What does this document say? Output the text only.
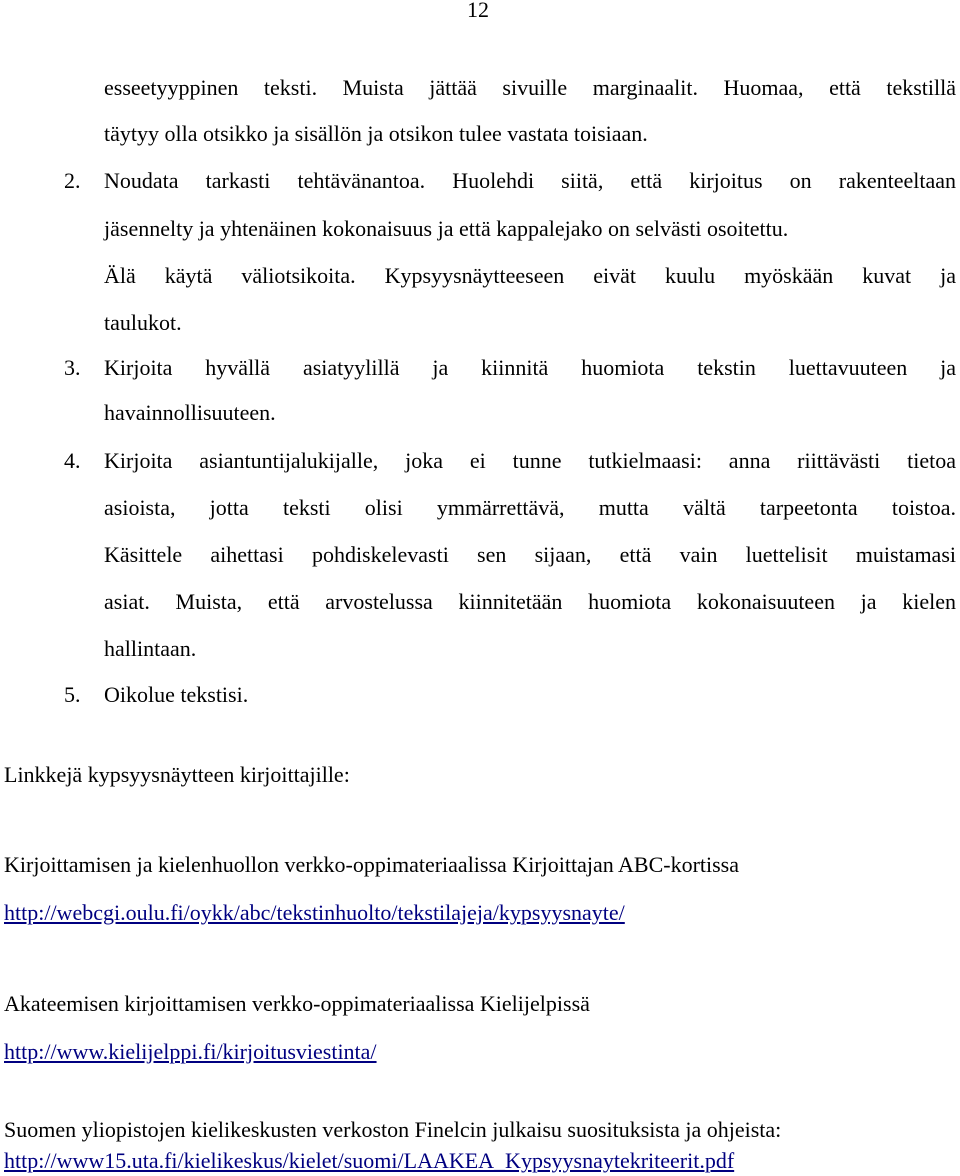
12
esseetyyppinen teksti. Muista jättää sivuille marginaalit. Huomaa, että tekstillä
täytyy olla otsikko ja sisällön ja otsikon tulee vastata toisiaan.
2. Noudata tarkasti tehtävänantoa. Huolehdi siitä, että kirjoitus on rakenteeltaan
jäsennelty ja yhtenäinen kokonaisuus ja että kappalejako on selvästi osoitettu.
Älä käytä väliotsikoita. Kypsyysnäytteeseen eivät kuulu myöskään kuvat ja
taulukot.
3. Kirjoita hyvällä asiatyylillä ja kiinnitä huomiota tekstin luettavuuteen ja
havainnollisuuteen.
4. Kirjoita asiantuntijalukijalle, joka ei tunne tutkielmaasi: anna riittävästi tietoa
asioista, jotta teksti olisi ymmärrettävä, mutta vältä tarpeetonta toistoa.
Käsittele aihettasi pohdiskelevasti sen sijaan, että vain luettelisit muistamasi
asiat. Muista, että arvostelussa kiinnitetään huomiota kokonaisuuteen ja kielen
hallintaan.
5. Oikolue tekstisi.
Linkkejä kypsyysnäytteen kirjoittajille:
Kirjoittamisen ja kielenhuollon verkko-oppimateriaalissa Kirjoittajan ABC-kortissa
http://webcgi.oulu.fi/oykk/abc/tekstinhuolto/tekstilajeja/kypsyysnayte/
Akateemisen kirjoittamisen verkko-oppimateriaalissa Kielijelpissä
http://www.kielijelppi.fi/kirjoitusviestinta/
Suomen yliopistojen kielikeskusten verkoston Finelcin julkaisu suosituksista ja ohjeista:
http://www15.uta.fi/kielikeskus/kielet/suomi/LAAKEA_Kypsyysnaytekriteerit.pdf
